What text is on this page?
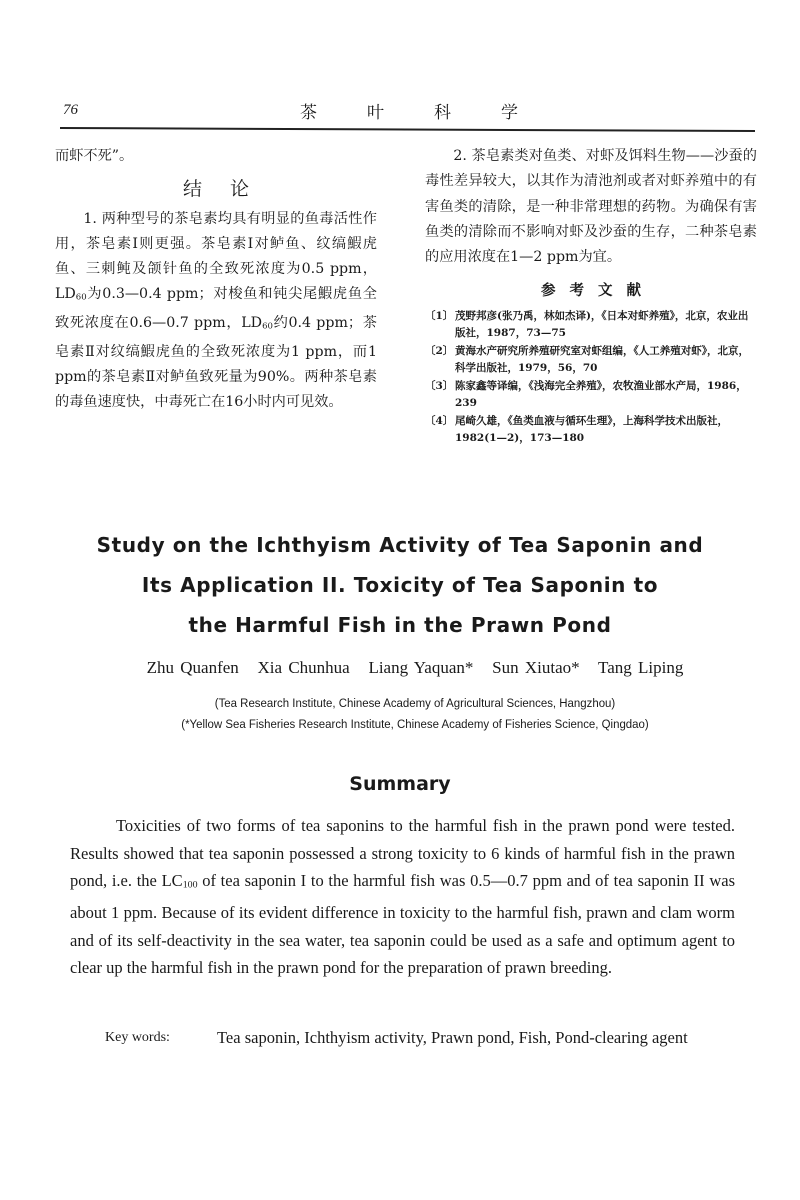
76	茶	叶	科	学

而虾不死”。

结论

1. 两种型号的茶皂素均具有明显的鱼毒活性作用，茶皂素Ⅰ则更强。茶皂素Ⅰ对鲈鱼、纹缟鰕虎鱼、三刺鲀及颌针鱼的全致死浓度为0.5 ppm，$LD_{60}$为0.3—0.4 ppm；对梭鱼和钝尖尾鰕虎鱼全致死浓度在0.6—0.7 ppm，$LD_{60}$约0.4 ppm；茶皂素Ⅱ对纹缟鰕虎鱼的全致死浓度为1 ppm，而1 ppm的茶皂素Ⅱ对鲈鱼致死量为90%。两种茶皂素的毒鱼速度快，中毒死亡在16小时内可见效。

2. 茶皂素类对鱼类、对虾及饵料生物——沙蚕的毒性差异较大，以其作为清池剂或者对虾养殖中的有害鱼类的清除，是一种非常理想的药物。为确保有害鱼类的清除而不影响对虾及沙蚕的生存，二种茶皂素的应用浓度在1—2 ppm为宜。

参考文献
〔1〕 茂野邦彦(张乃禹，林如杰译)，《日本对虾养殖》，北京，农业出版社，1987，73—75
〔2〕 黄海水产研究所养殖研究室对虾组编，《人工养殖对虾》，北京，科学出版社，1979，56，70
〔3〕 陈家鑫等译编，《浅海完全养殖》，农牧渔业部水产局，1986，239
〔4〕 尾崎久雄，《鱼类血液与循环生理》，上海科学技术出版社，1982(1—2)，173—180
Study on the Ichthyism Activity of Tea Saponin and
Its Application II. Toxicity of Tea Saponin to
the Harmful Fish in the Prawn Pond
Zhu Quanfen   Xia Chunhua   Liang Yaquan*   Sun Xiutao*   Tang Liping
(Tea Research Institute, Chinese Academy of Agricultural Sciences, Hangzhou)
(*Yellow Sea Fisheries Research Institute, Chinese Academy of Fisheries Science, Qingdao)
Summary

Toxicities of two forms of tea saponins to the harmful fish in the prawn pond were tested. Results showed that tea saponin possessed a strong toxicity to 6 kinds of harmful fish in the prawn pond, i.e. the $LC_{100}$ of tea saponin I to the harmful fish was 0.5—0.7 ppm and of tea saponin II was about 1 ppm. Because of its evident difference in toxicity to the harmful fish, prawn and clam worm and of its self-deactivity in the sea water, tea saponin could be used as a safe and optimum agent to clear up the harmful fish in the prawn pond for the preparation of prawn breeding.

Key words:	Tea saponin, Ichthyism activity, Prawn pond, Fish, Pond-clearing agent
